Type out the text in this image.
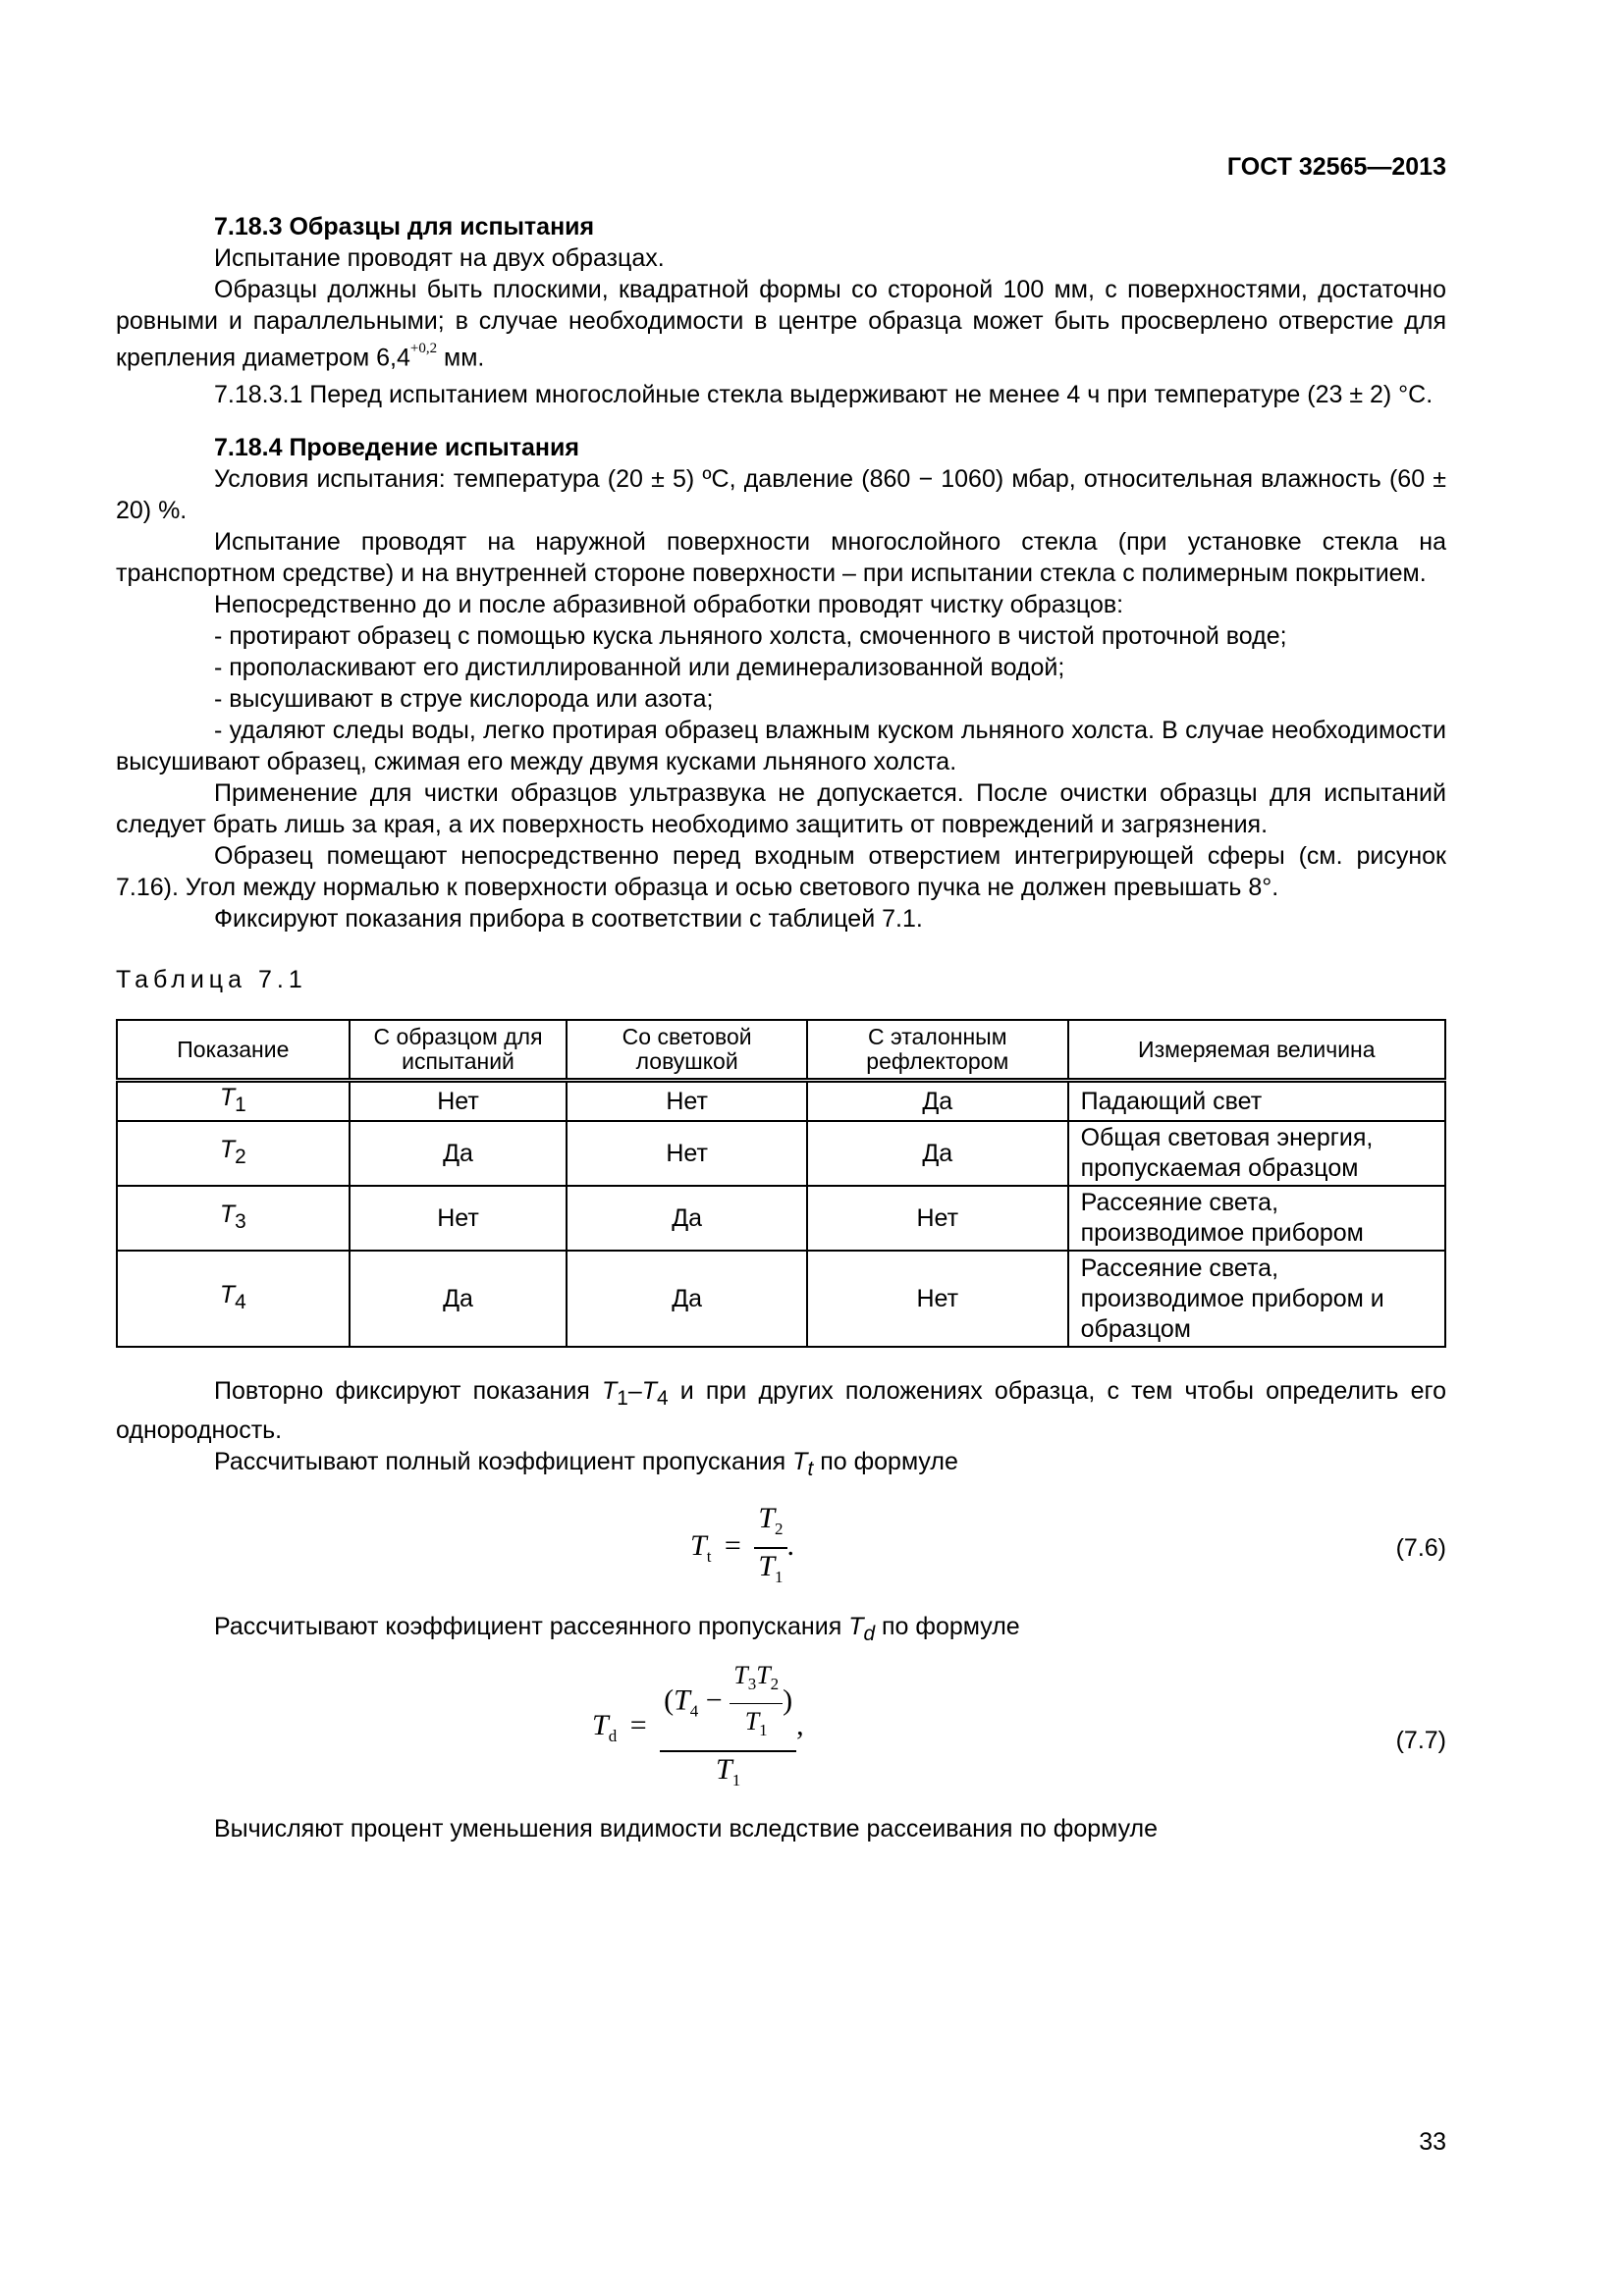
ГОСТ 32565—2013

7.18.3 Образцы для испытания

Испытание проводят на двух образцах.

Образцы должны быть плоскими, квадратной формы со стороной 100 мм, с поверхностями, достаточно ровными и параллельными; в случае необходимости в центре образца может быть просверлено отверстие для крепления диаметром $6,4^{+0,2}$ мм.

7.18.3.1 Перед испытанием многослойные стекла выдерживают не менее 4 ч при температуре (23 ± 2) °С.

7.18.4 Проведение испытания

Условия испытания: температура (20 ± 5) ºС, давление (860 − 1060) мбар, относительная влажность (60 ± 20) %.

Испытание проводят на наружной поверхности многослойного стекла (при установке стекла на транспортном средстве) и на внутренней стороне поверхности – при испытании стекла с полимерным покрытием.

Непосредственно до и после абразивной обработки проводят чистку образцов:

- протирают образец с помощью куска льняного холста, смоченного в чистой проточной воде;

- прополаскивают его дистиллированной или деминерализованной водой;

- высушивают в струе кислорода или азота;

- удаляют следы воды, легко протирая образец влажным куском льняного холста. В случае необходимости высушивают образец, сжимая его между двумя кусками льняного холста.

Применение для чистки образцов ультразвука не допускается. После очистки образцы для испытаний следует брать лишь за края, а их поверхность необходимо защитить от повреждений и загрязнения.

Образец помещают непосредственно перед входным отверстием интегрирующей сферы (см. рисунок 7.16). Угол между нормалью к поверхности образца и осью светового пучка не должен превышать 8°.

Фиксируют показания прибора в соответствии с таблицей 7.1.

Таблица 7.1
Показание	С образцом для испытаний	Со световой ловушкой	С эталонным рефлектором	Измеряемая величина
$T_1$	Нет	Нет	Да	Падающий свет
$T_2$	Да	Нет	Да	Общая световая энергия, пропускаемая образцом
$T_3$	Нет	Да	Нет	Рассеяние света, производимое прибором
$T_4$	Да	Да	Нет	Рассеяние света, производимое прибором и образцом

Повторно фиксируют показания $T_1-T_4$ и при других положениях образца, с тем чтобы определить его однородность.

Рассчитывают полный коэффициент пропускания $T_t$ по формуле

$T_t = \frac{T_2}{T_1}$ .	(7.6)

Рассчитывают коэффициент рассеянного пропускания $T_d$ по формуле

$T_d = \frac{(T_4 - \frac{T_3T_2}{T_1} )}{T_1}$ ,	(7.7)

Вычисляют процент уменьшения видимости вследствие рассеивания по формуле

33
